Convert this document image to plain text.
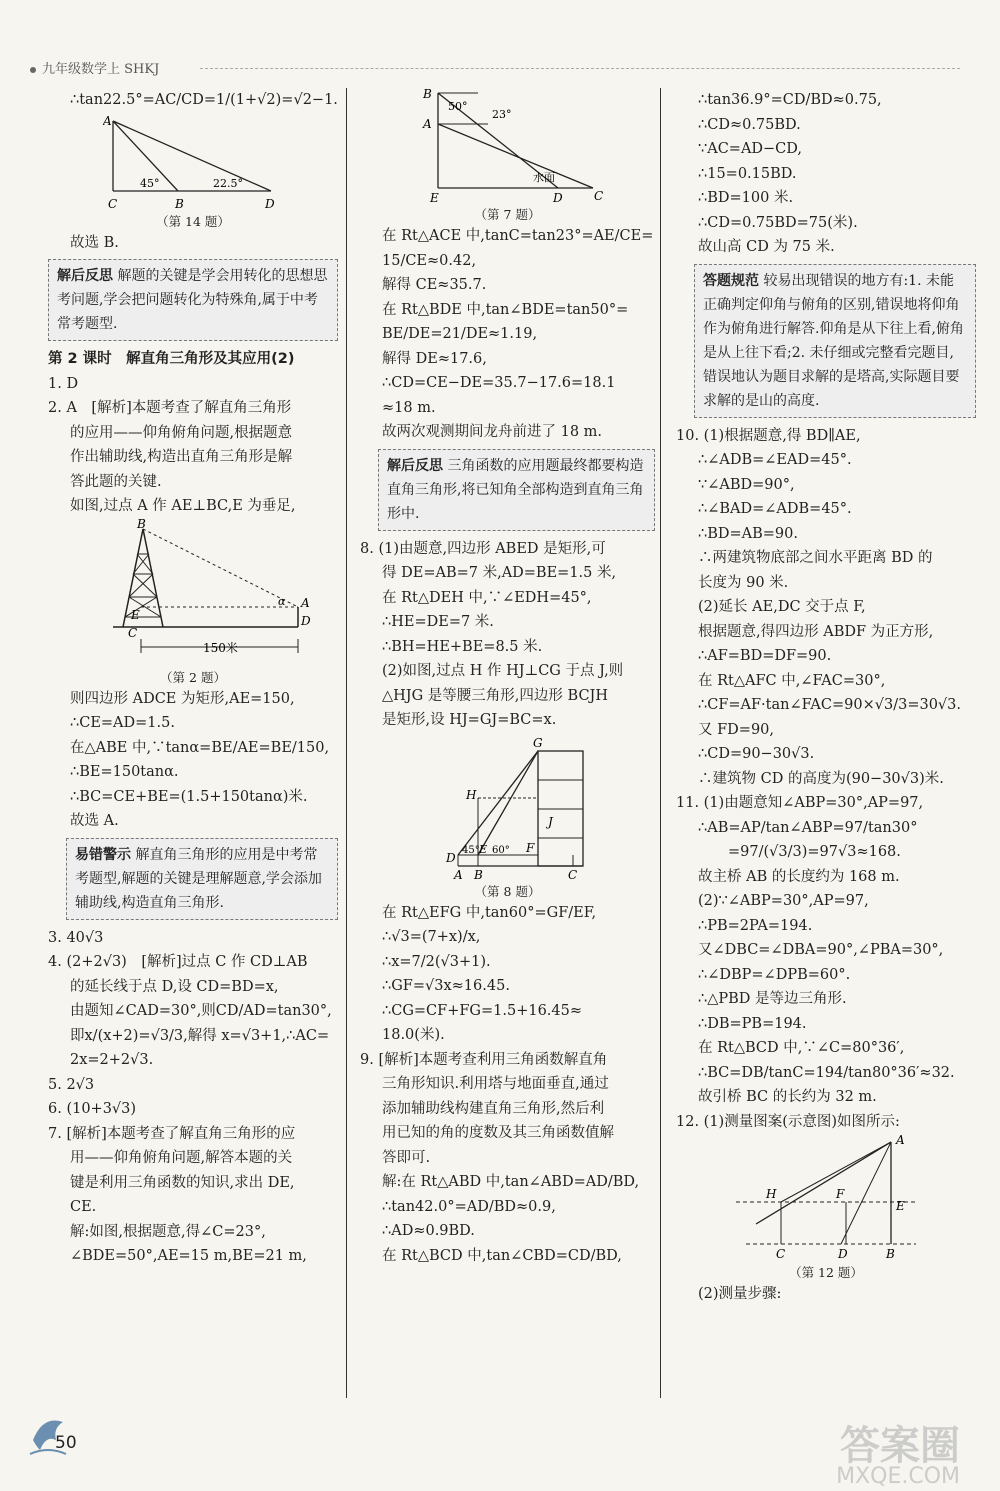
九年级数学上 SHKJ
∴tan22.5°=AC/CD=1/(1+√2)=√2−1.
A
C	B	D
45°	22.5°
（第 14 题）
故选 B.
解后反思 解题的关键是学会用转化的思想思考问题,学会把问题转化为特殊角,属于中考常考题型.
第 2 课时　解直角三角形及其应用(2)
1. D
2. A　[解析]本题考查了解直角三角形
的应用——仰角俯角问题,根据题意
作出辅助线,构造出直角三角形是解
答此题的关键.
如图,过点 A 作 AE⊥BC,E 为垂足,
B
A
D
E
C
α
150米
（第 2 题）
则四边形 ADCE 为矩形,AE=150,
∴CE=AD=1.5.
在△ABE 中,∵tanα=BE/AE=BE/150,
∴BE=150tanα.
∴BC=CE+BE=(1.5+150tanα)米.
故选 A.
易错警示 解直角三角形的应用是中考常考题型,解题的关键是理解题意,学会添加辅助线,构造直角三角形.
3. 40√3
4. (2+2√3)　[解析]过点 C 作 CD⊥AB
的延长线于点 D,设 CD=BD=x,
由题知∠CAD=30°,则CD/AD=tan30°,
即x/(x+2)=√3/3,解得 x=√3+1,∴AC=
2x=2+2√3.
5. 2√3
6. (10+3√3)
7. [解析]本题考查了解直角三角形的应
用——仰角俯角问题,解答本题的关
键是利用三角函数的知识,求出 DE,
CE.
解:如图,根据题意,得∠C=23°,
∠BDE=50°,AE=15 m,BE=21 m,
B
A
D
E	C
50°
23°
水面
（第 7 题）
在 Rt△ACE 中,tanC=tan23°=AE/CE=
15/CE≈0.42,
解得 CE≈35.7.
在 Rt△BDE 中,tan∠BDE=tan50°=
BE/DE=21/DE≈1.19,
解得 DE≈17.6,
∴CD=CE−DE=35.7−17.6=18.1
≈18 m.
故两次观测期间龙舟前进了 18 m.
解后反思 三角函数的应用题最终都要构造直角三角形,将已知角全部构造到直角三角形中.
8. (1)由题意,四边形 ABED 是矩形,可
得 DE=AB=7 米,AD=BE=1.5 米,
在 Rt△DEH 中,∵∠EDH=45°,
∴HE=DE=7 米.
∴BH=HE+BE=8.5 米.
(2)如图,过点 H 作 HJ⊥CG 于点 J,则
△HJG 是等腰三角形,四边形 BCJH
是矩形,设 HJ=GJ=BC=x.
G
H
J
D
E	F
A B	C
45° 60°
（第 8 题）
在 Rt△EFG 中,tan60°=GF/EF,
∴√3=(7+x)/x,
∴x=7/2(√3+1).
∴GF=√3x≈16.45.
∴CG=CF+FG=1.5+16.45≈
18.0(米).
9. [解析]本题考查利用三角函数解直角
三角形知识.利用塔与地面垂直,通过
添加辅助线构建直角三角形,然后利
用已知的角的度数及其三角函数值解
答即可.
解:在 Rt△ABD 中,tan∠ABD=AD/BD,
∴tan42.0°=AD/BD≈0.9,
∴AD≈0.9BD.
在 Rt△BCD 中,tan∠CBD=CD/BD,
∴tan36.9°=CD/BD≈0.75,
∴CD≈0.75BD.
∵AC=AD−CD,
∴15=0.15BD.
∴BD=100 米.
∴CD=0.75BD=75(米).
故山高 CD 为 75 米.
答题规范 较易出现错误的地方有:1. 未能正确判定仰角与俯角的区别,错误地将仰角作为俯角进行解答.仰角是从下往上看,俯角是从上往下看;2. 未仔细或完整看完题目,错误地认为题目求解的是塔高,实际题目要求解的是山的高度.
10. (1)根据题意,得 BD∥AE,
∴∠ADB=∠EAD=45°.
∵∠ABD=90°,
∴∠BAD=∠ADB=45°.
∴BD=AB=90.
∴两建筑物底部之间水平距离 BD 的
长度为 90 米.
(2)延长 AE,DC 交于点 F,
根据题意,得四边形 ABDF 为正方形,
∴AF=BD=DF=90.
在 Rt△AFC 中,∠FAC=30°,
∴CF=AF·tan∠FAC=90×√3/3=30√3.
又 FD=90,
∴CD=90−30√3.
∴建筑物 CD 的高度为(90−30√3)米.
11. (1)由题意知∠ABP=30°,AP=97,
∴AB=AP/tan∠ABP=97/tan30°
=97/(√3/3)=97√3≈168.
故主桥 AB 的长度约为 168 m.
(2)∵∠ABP=30°,AP=97,
∴PB=2PA=194.
又∠DBC=∠DBA=90°,∠PBA=30°,
∴∠DBP=∠DPB=60°.
∴△PBD 是等边三角形.
∴DB=PB=194.
在 Rt△BCD 中,∵∠C=80°36′,
∴BC=DB/tanC=194/tan80°36′≈32.
故引桥 BC 的长约为 32 m.
12. (1)测量图案(示意图)如图所示:
A
H	F
E
C	D	B
（第 12 题）
(2)测量步骤:
50	答案圈
MXQE.COM
